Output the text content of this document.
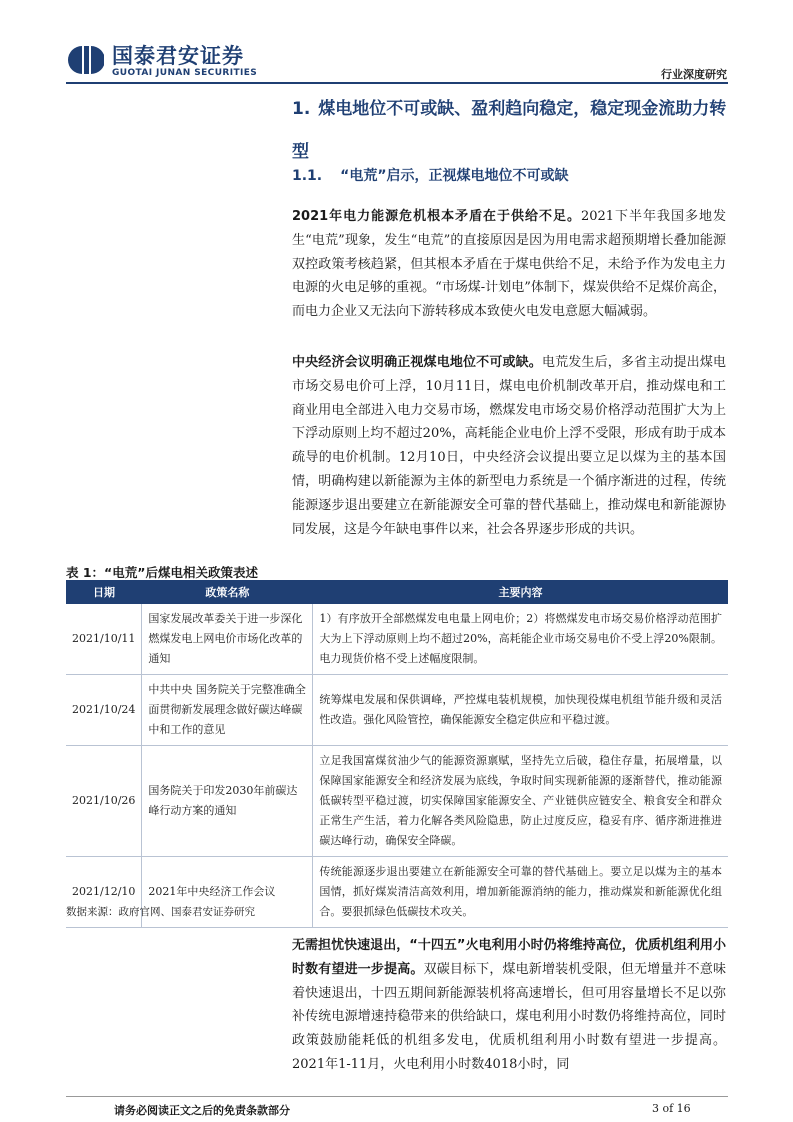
国泰君安证券
GUOTAI JUNAN SECURITIES	行业深度研究
1. 煤电地位不可或缺、盈利趋向稳定，稳定现金流助力转型
1.1. “电荒”启示，正视煤电地位不可或缺
2021年电力能源危机根本矛盾在于供给不足。2021下半年我国多地发生“电荒”现象，发生“电荒”的直接原因是因为用电需求超预期增长叠加能源双控政策考核趋紧，但其根本矛盾在于煤电供给不足，未给予作为发电主力电源的火电足够的重视。“市场煤-计划电”体制下，煤炭供给不足煤价高企，而电力企业又无法向下游转移成本致使火电发电意愿大幅减弱。
中央经济会议明确正视煤电地位不可或缺。电荒发生后，多省主动提出煤电市场交易电价可上浮，10月11日，煤电电价机制改革开启，推动煤电和工商业用电全部进入电力交易市场，燃煤发电市场交易价格浮动范围扩大为上下浮动原则上均不超过20%，高耗能企业电价上浮不受限，形成有助于成本疏导的电价机制。12月10日，中央经济会议提出要立足以煤为主的基本国情，明确构建以新能源为主体的新型电力系统是一个循序渐进的过程，传统能源逐步退出要建立在新能源安全可靠的替代基础上，推动煤电和新能源协同发展，这是今年缺电事件以来，社会各界逐步形成的共识。
表 1：“电荒”后煤电相关政策表述
日期	政策名称	主要内容
2021/10/11	国家发展改革委关于进一步深化燃煤发电上网电价市场化改革的通知	1）有序放开全部燃煤发电电量上网电价；2）将燃煤发电市场交易价格浮动范围扩大为上下浮动原则上均不超过20%，高耗能企业市场交易电价不受上浮20%限制。电力现货价格不受上述幅度限制。
2021/10/24	中共中央 国务院关于完整准确全面贯彻新发展理念做好碳达峰碳中和工作的意见	统筹煤电发展和保供调峰，严控煤电装机规模，加快现役煤电机组节能升级和灵活性改造。强化风险管控，确保能源安全稳定供应和平稳过渡。
2021/10/26	国务院关于印发2030年前碳达峰行动方案的通知	立足我国富煤贫油少气的能源资源禀赋，坚持先立后破，稳住存量，拓展增量，以保障国家能源安全和经济发展为底线，争取时间实现新能源的逐渐替代，推动能源低碳转型平稳过渡，切实保障国家能源安全、产业链供应链安全、粮食安全和群众正常生产生活，着力化解各类风险隐患，防止过度反应，稳妥有序、循序渐进推进碳达峰行动，确保安全降碳。
2021/12/10	2021年中央经济工作会议	传统能源逐步退出要建立在新能源安全可靠的替代基础上。要立足以煤为主的基本国情，抓好煤炭清洁高效利用，增加新能源消纳的能力，推动煤炭和新能源优化组合。要狠抓绿色低碳技术攻关。
数据来源：政府官网、国泰君安证券研究
无需担忧快速退出，“十四五”火电利用小时仍将维持高位，优质机组利用小时数有望进一步提高。双碳目标下，煤电新增装机受限，但无增量并不意味着快速退出，十四五期间新能源装机将高速增长，但可用容量增长不足以弥补传统电源增速持稳带来的供给缺口，煤电利用小时数仍将维持高位，同时政策鼓励能耗低的机组多发电，优质机组利用小时数有望进一步提高。2021年1-11月，火电利用小时数4018小时，同
请务必阅读正文之后的免责条款部分	3 of 16
